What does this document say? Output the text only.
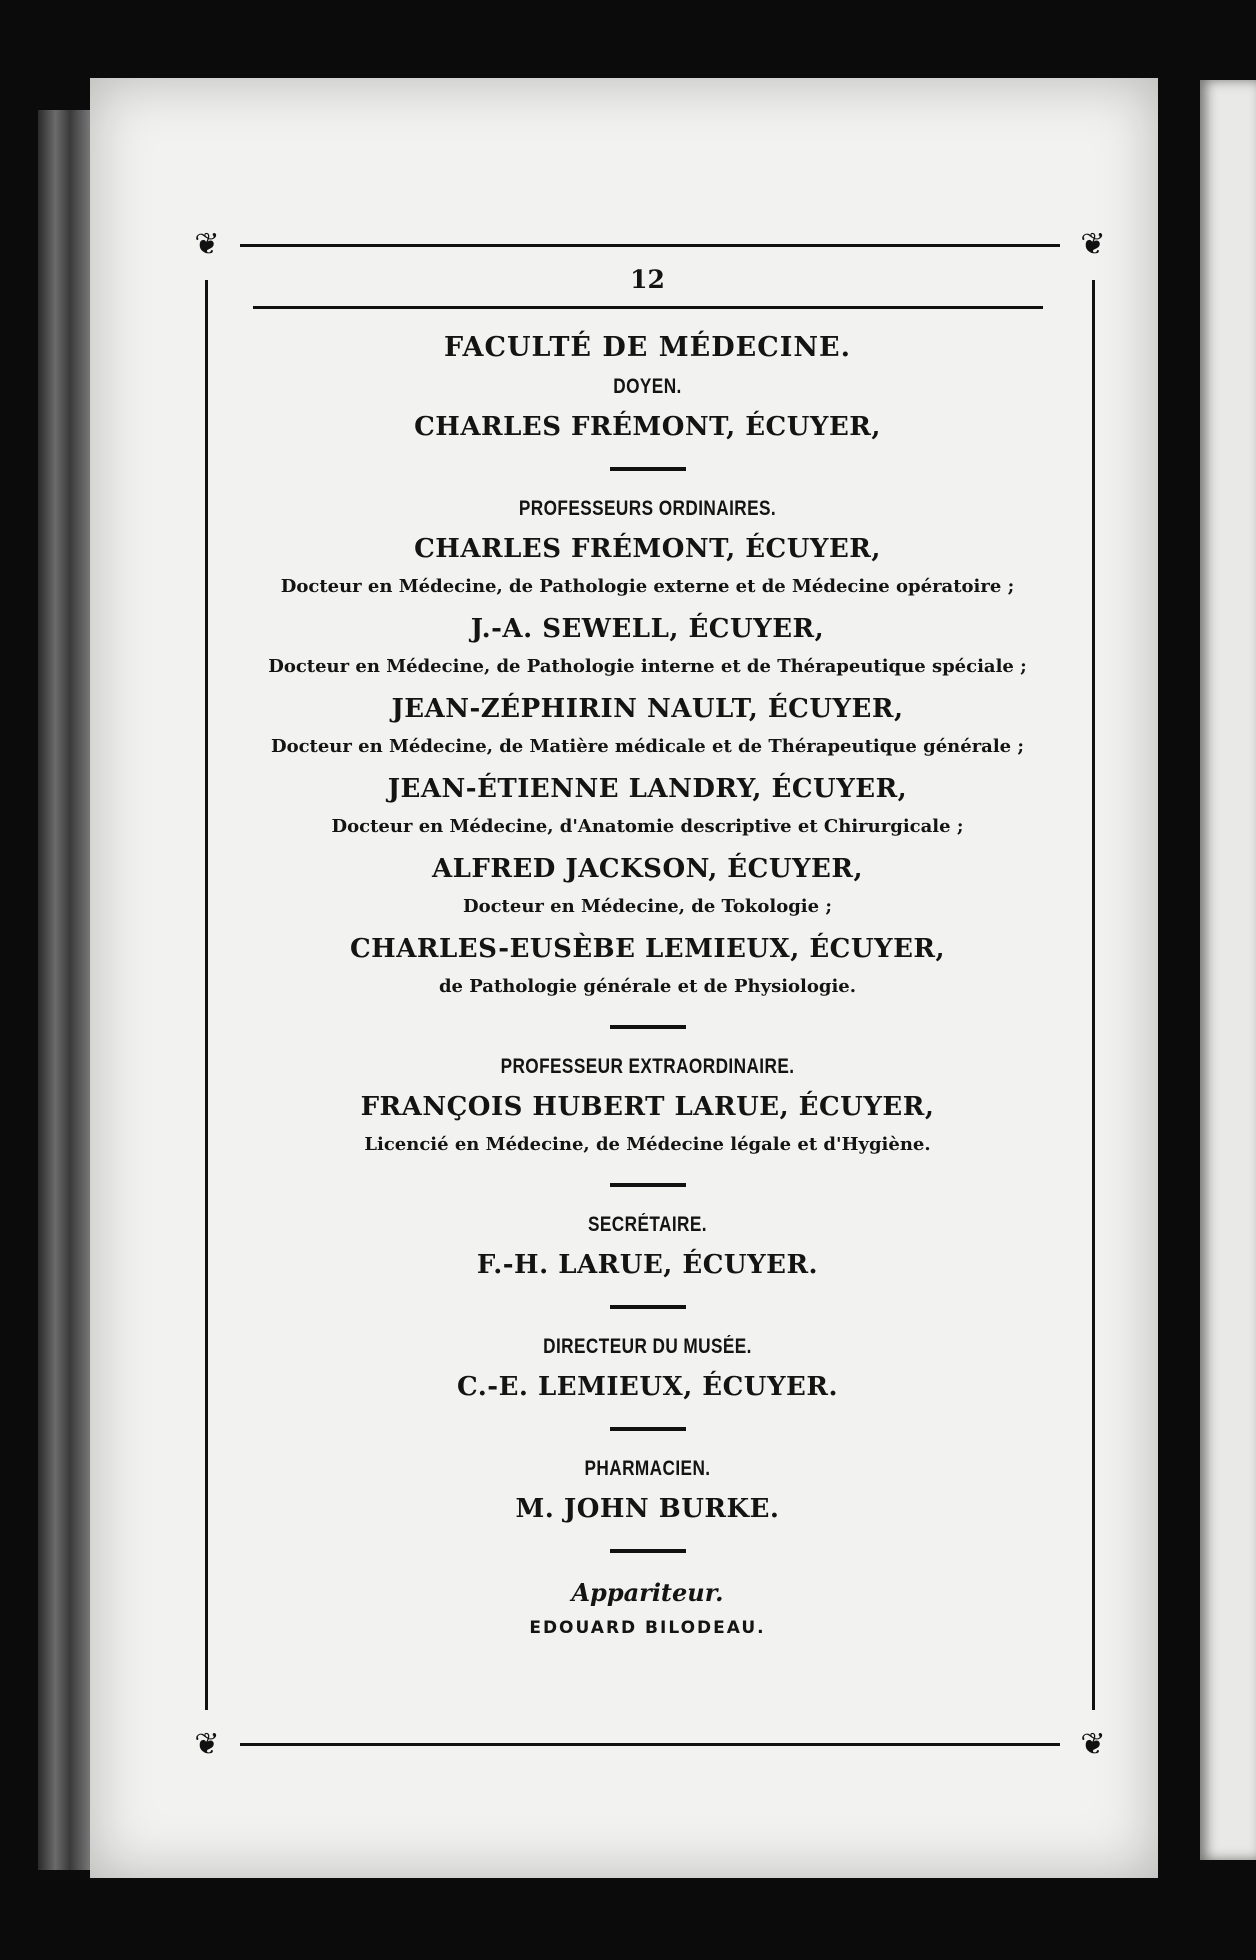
❦	❦
❦	❦
12
FACULTÉ DE MÉDECINE.
DOYEN.
CHARLES FRÉMONT, ÉCUYER,
PROFESSEURS ORDINAIRES.
CHARLES FRÉMONT, ÉCUYER,
Docteur en Médecine, de Pathologie externe et de Médecine opératoire ;
J.-A. SEWELL, ÉCUYER,
Docteur en Médecine, de Pathologie interne et de Thérapeutique spéciale ;
JEAN-ZÉPHIRIN NAULT, ÉCUYER,
Docteur en Médecine, de Matière médicale et de Thérapeutique générale ;
JEAN-ÉTIENNE LANDRY, ÉCUYER,
Docteur en Médecine, d'Anatomie descriptive et Chirurgicale ;
ALFRED JACKSON, ÉCUYER,
Docteur en Médecine, de Tokologie ;
CHARLES-EUSÈBE LEMIEUX, ÉCUYER,
de Pathologie générale et de Physiologie.
PROFESSEUR EXTRAORDINAIRE.
FRANÇOIS HUBERT LARUE, ÉCUYER,
Licencié en Médecine, de Médecine légale et d'Hygiène.
SECRÉTAIRE.
F.-H. LARUE, ÉCUYER.
DIRECTEUR DU MUSÉE.
C.-E. LEMIEUX, ÉCUYER.
PHARMACIEN.
M. JOHN BURKE.
Appariteur.
EDOUARD BILODEAU.
